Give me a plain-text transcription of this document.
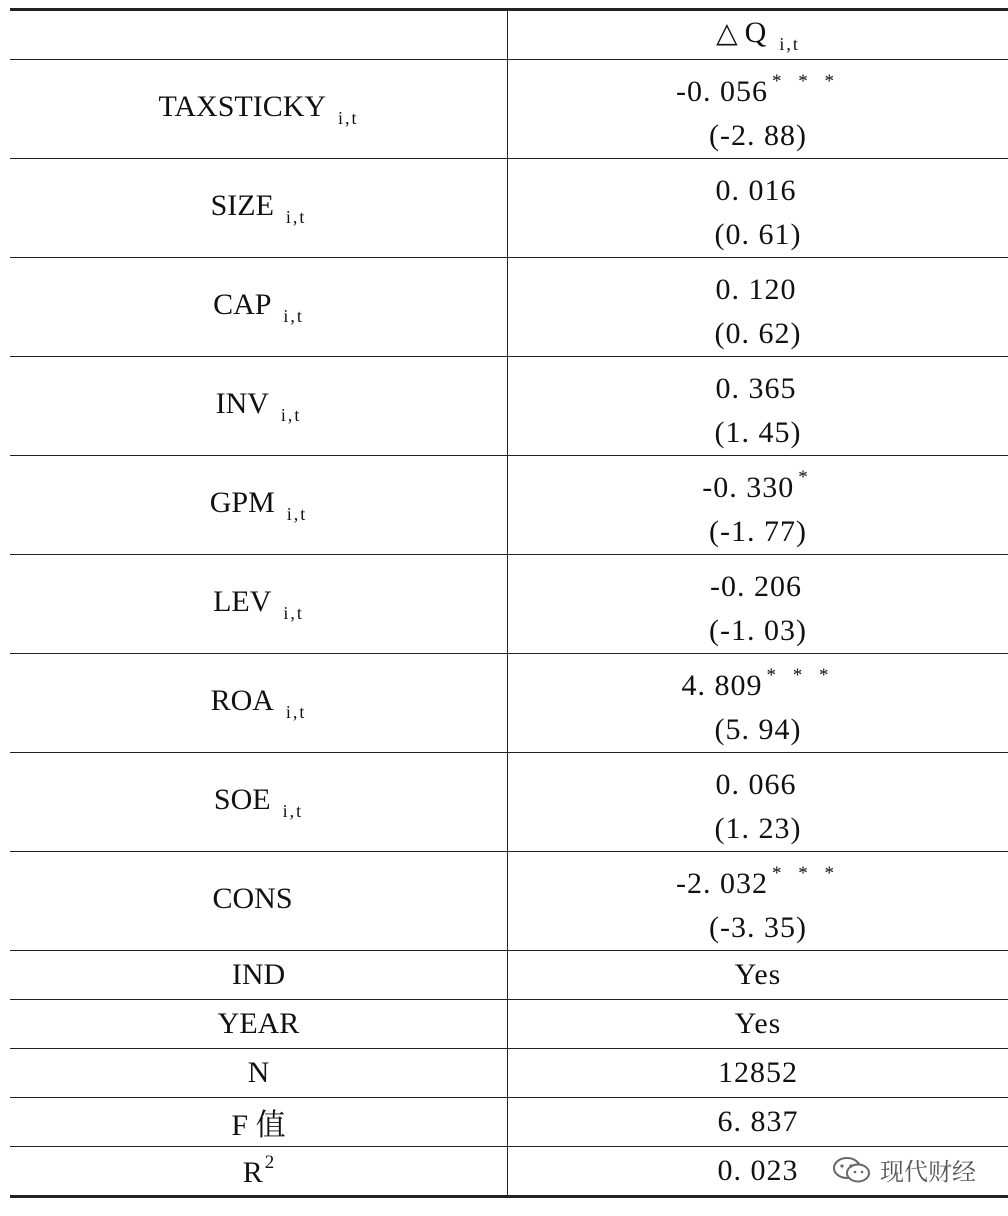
	△ Q $_{i,t}$
TAXSTICKY $_{i,t}$	-0. 056 * * *
(-2. 88)

SIZE $_{i,t}$	0. 016
(0. 61)

CAP $_{i,t}$	0. 120
(0. 62)

INV $_{i,t}$	0. 365
(1. 45)

GPM $_{i,t}$	-0. 330 *
(-1. 77)

LEV $_{i,t}$	-0. 206
(-1. 03)

ROA $_{i,t}$	4. 809 * * *
(5. 94)

SOE $_{i,t}$	0. 066
(1. 23)

CONS	-2. 032 * * *
(-3. 35)

IND	Yes
YEAR	Yes
N	12852
F 值	6. 837
R $^2$	0. 023	现代财经
